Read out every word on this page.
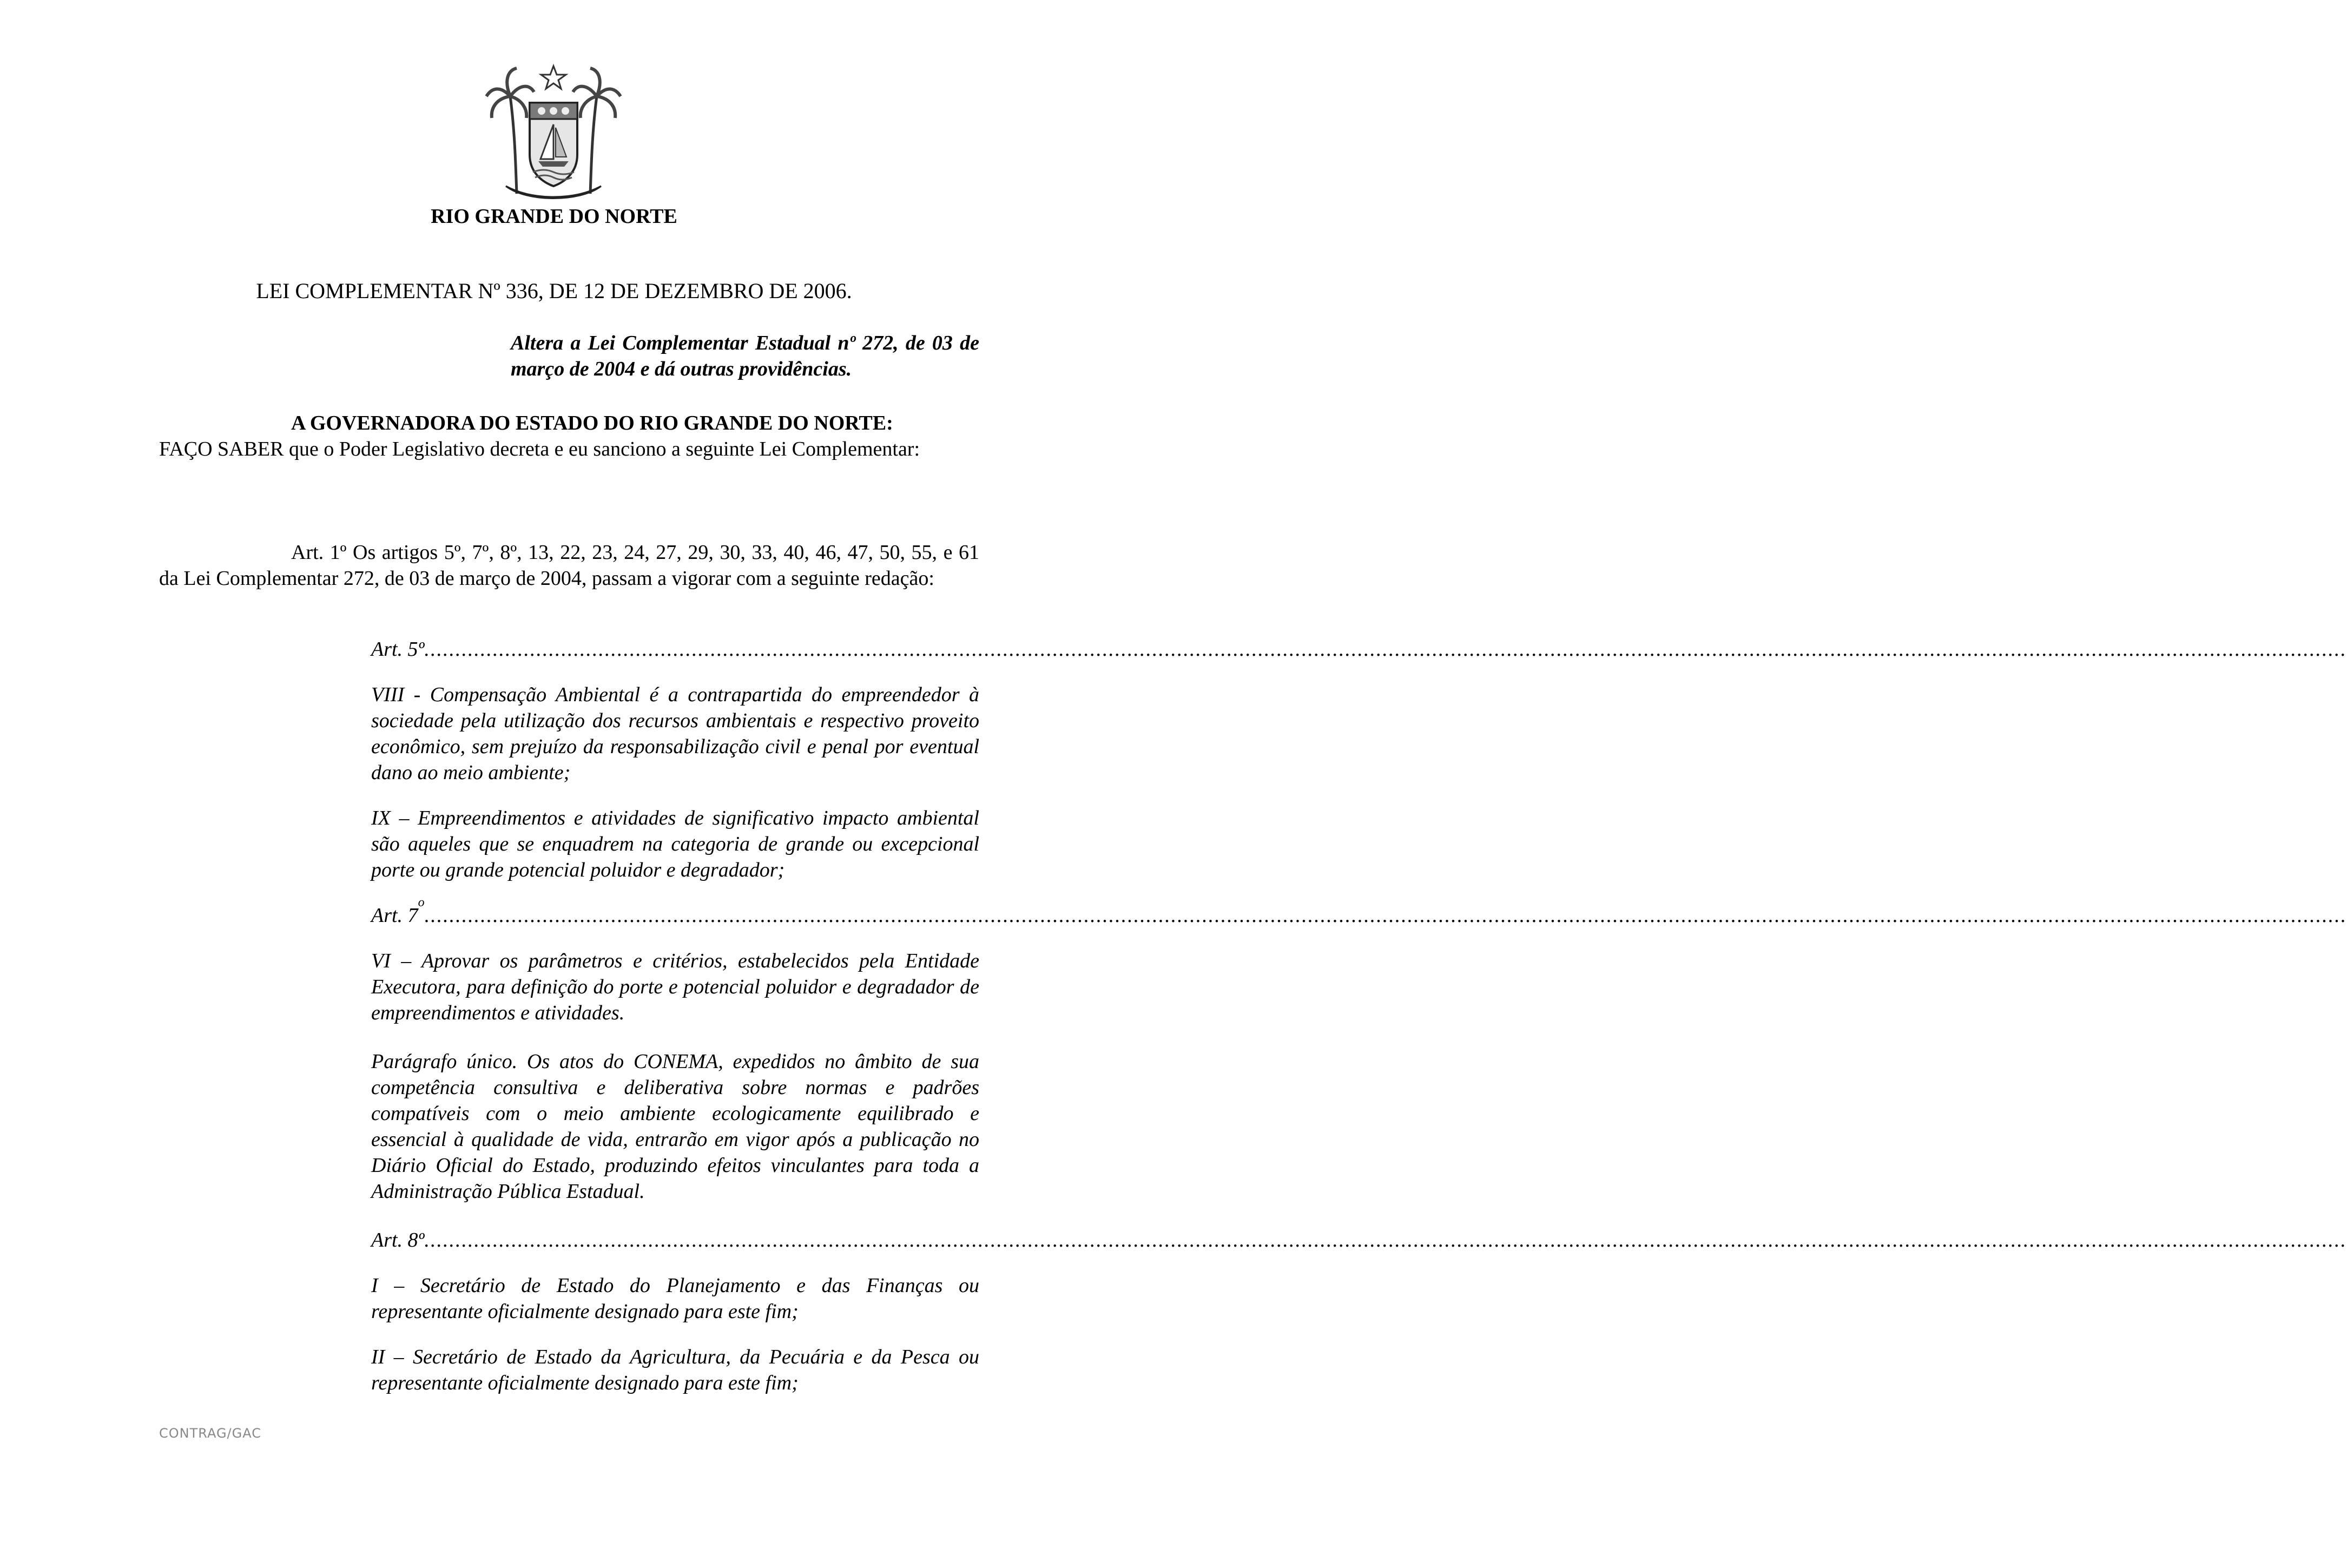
RIO GRANDE DO NORTE
LEI COMPLEMENTAR Nº 336, DE 12 DE DEZEMBRO DE 2006.
Altera a Lei Complementar Estadual nº 272, de 03 de março de 2004 e dá outras providências.
A GOVERNADORA DO ESTADO DO RIO GRANDE DO NORTE:
FAÇO SABER que o Poder Legislativo decreta e eu sanciono a seguinte Lei Complementar:
Art. 1º Os artigos 5º, 7º, 8º, 13, 22, 23, 24, 27, 29, 30, 33, 40, 46, 47, 50, 55, e 61 da Lei Complementar 272, de 03 de março de 2004, passam a vigorar com a seguinte redação:

Art. 5º .....................................................................................................................................................................................................................................................................................................................

VIII - Compensação Ambiental é a contrapartida do empreendedor à sociedade pela utilização dos recursos ambientais e respectivo proveito econômico, sem prejuízo da responsabilização civil e penal por eventual dano ao meio ambiente;

IX – Empreendimentos e atividades de significativo impacto ambiental são aqueles que se enquadrem na categoria de grande ou excepcional porte ou grande potencial poluidor e degradador;

Art. 7
o
.....................................................................................................................................................................................................................................................................................................................

VI – Aprovar os parâmetros e critérios, estabelecidos pela Entidade Executora, para definição do porte e potencial poluidor e degradador de empreendimentos e atividades.

Parágrafo único. Os atos do CONEMA, expedidos no âmbito de sua competência consultiva e deliberativa sobre normas e padrões compatíveis com o meio ambiente ecologicamente equilibrado e essencial à qualidade de vida, entrarão em vigor após a publicação no Diário Oficial do Estado, produzindo efeitos vinculantes para toda a Administração Pública Estadual.

Art. 8º .....................................................................................................................................................................................................................................................................................................................

I – Secretário de Estado do Planejamento e das Finanças ou representante oficialmente designado para este fim;

II – Secretário de Estado da Agricultura, da Pecuária e da Pesca ou representante oficialmente designado para este fim;

CONTRAG/GAC
